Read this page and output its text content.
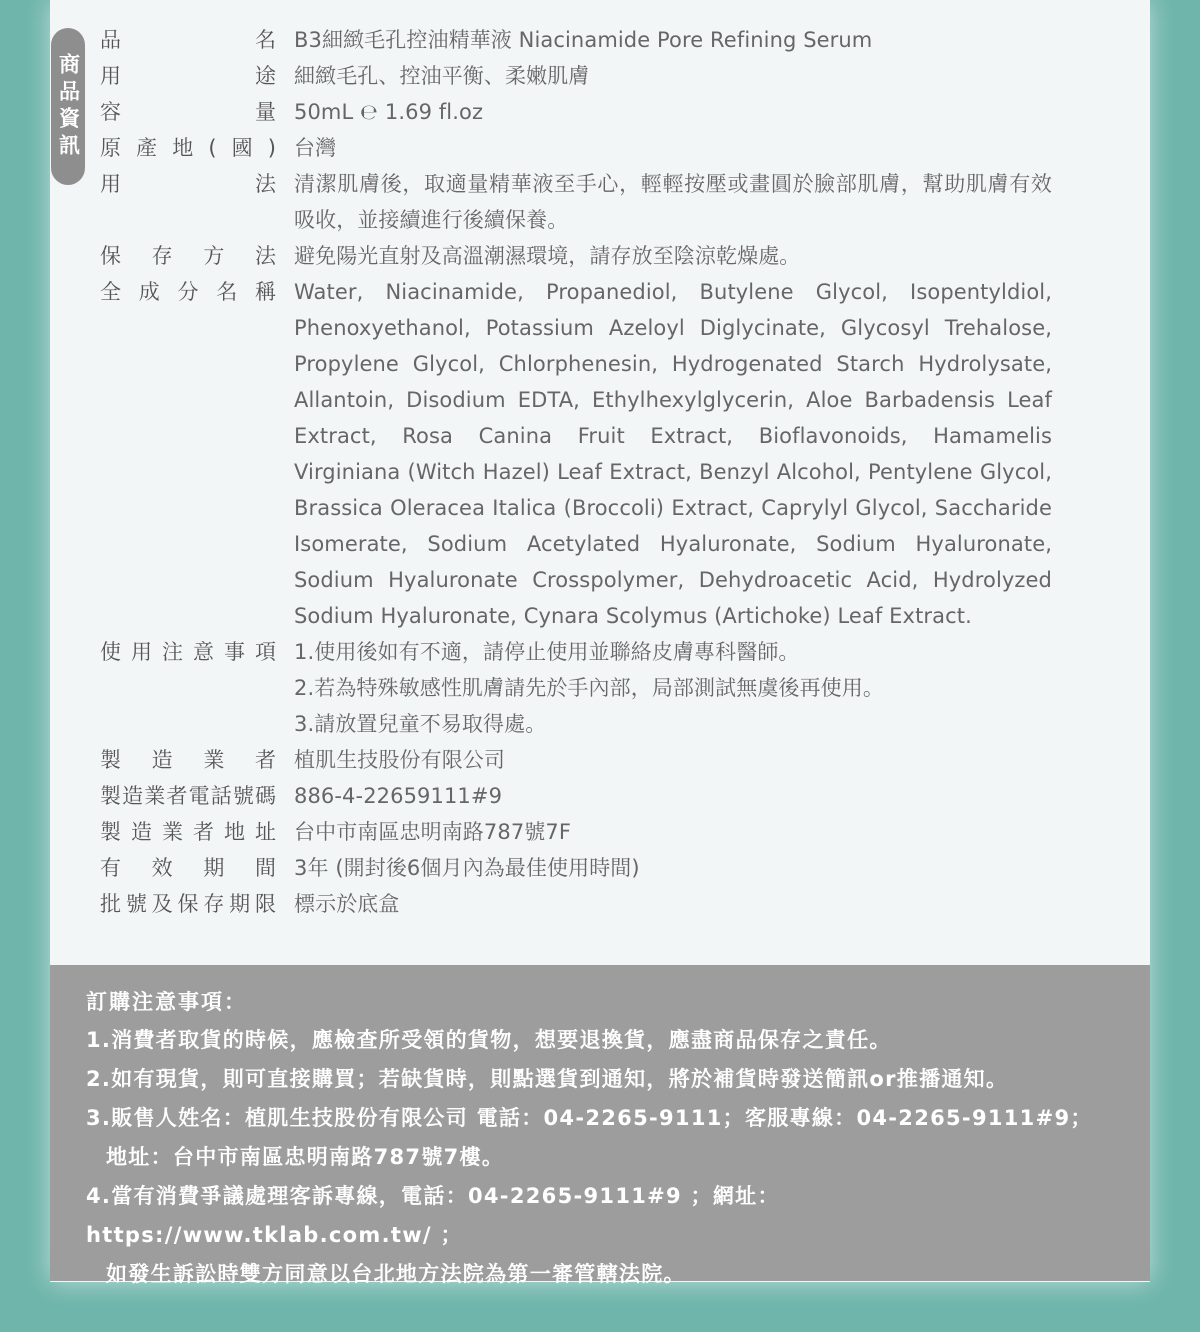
商品資訊
品名 B3細緻毛孔控油精華液 Niacinamide Pore Refining Serum
用途 細緻毛孔、控油平衡、柔嫩肌膚
容量 50mL ℮ 1.69 fl.oz
原產地(國) 台灣
用法 清潔肌膚後，取適量精華液至手心，輕輕按壓或畫圓於臉部肌膚，幫助肌膚有效吸收，並接續進行後續保養。
保存方法 避免陽光直射及高溫潮濕環境，請存放至陰涼乾燥處。
全成分名稱 Water, Niacinamide, Propanediol, Butylene Glycol, Isopentyldiol, Phenoxyethanol, Potassium Azeloyl Diglycinate, Glycosyl Trehalose, Propylene Glycol, Chlorphenesin, Hydrogenated Starch Hydrolysate, Allantoin, Disodium EDTA, Ethylhexylglycerin, Aloe Barbadensis Leaf Extract, Rosa Canina Fruit Extract, Bioflavonoids, Hamamelis Virginiana (Witch Hazel) Leaf Extract, Benzyl Alcohol, Pentylene Glycol, Brassica Oleracea Italica (Broccoli) Extract, Caprylyl Glycol, Saccharide Isomerate, Sodium Acetylated Hyaluronate, Sodium Hyaluronate, Sodium Hyaluronate Crosspolymer, Dehydroacetic Acid, Hydrolyzed Sodium Hyaluronate, Cynara Scolymus (Artichoke) Leaf Extract.
使用注意事項 1.使用後如有不適，請停止使用並聯絡皮膚專科醫師。
2.若為特殊敏感性肌膚請先於手內部，局部測試無虞後再使用。
3.請放置兒童不易取得處。
製造業者 植肌生技股份有限公司
製造業者電話號碼 886-4-22659111#9
製造業者地址 台中市南區忠明南路787號7F
有效期間 3年 (開封後6個月內為最佳使用時間)
批號及保存期限 標示於底盒
訂購注意事項：
1.消費者取貨的時候，應檢查所受領的貨物，想要退換貨，應盡商品保存之責任。
2.如有現貨，則可直接購買；若缺貨時，則點選貨到通知，將於補貨時發送簡訊or推播通知。
3.販售人姓名：植肌生技股份有限公司 電話：04-2265-9111；客服專線：04-2265-9111#9；
地址：台中市南區忠明南路787號7樓。
4.當有消費爭議處理客訴專線，電話：04-2265-9111#9 ；網址：https://www.tklab.com.tw/ ；
如發生訴訟時雙方同意以台北地方法院為第一審管轄法院。
